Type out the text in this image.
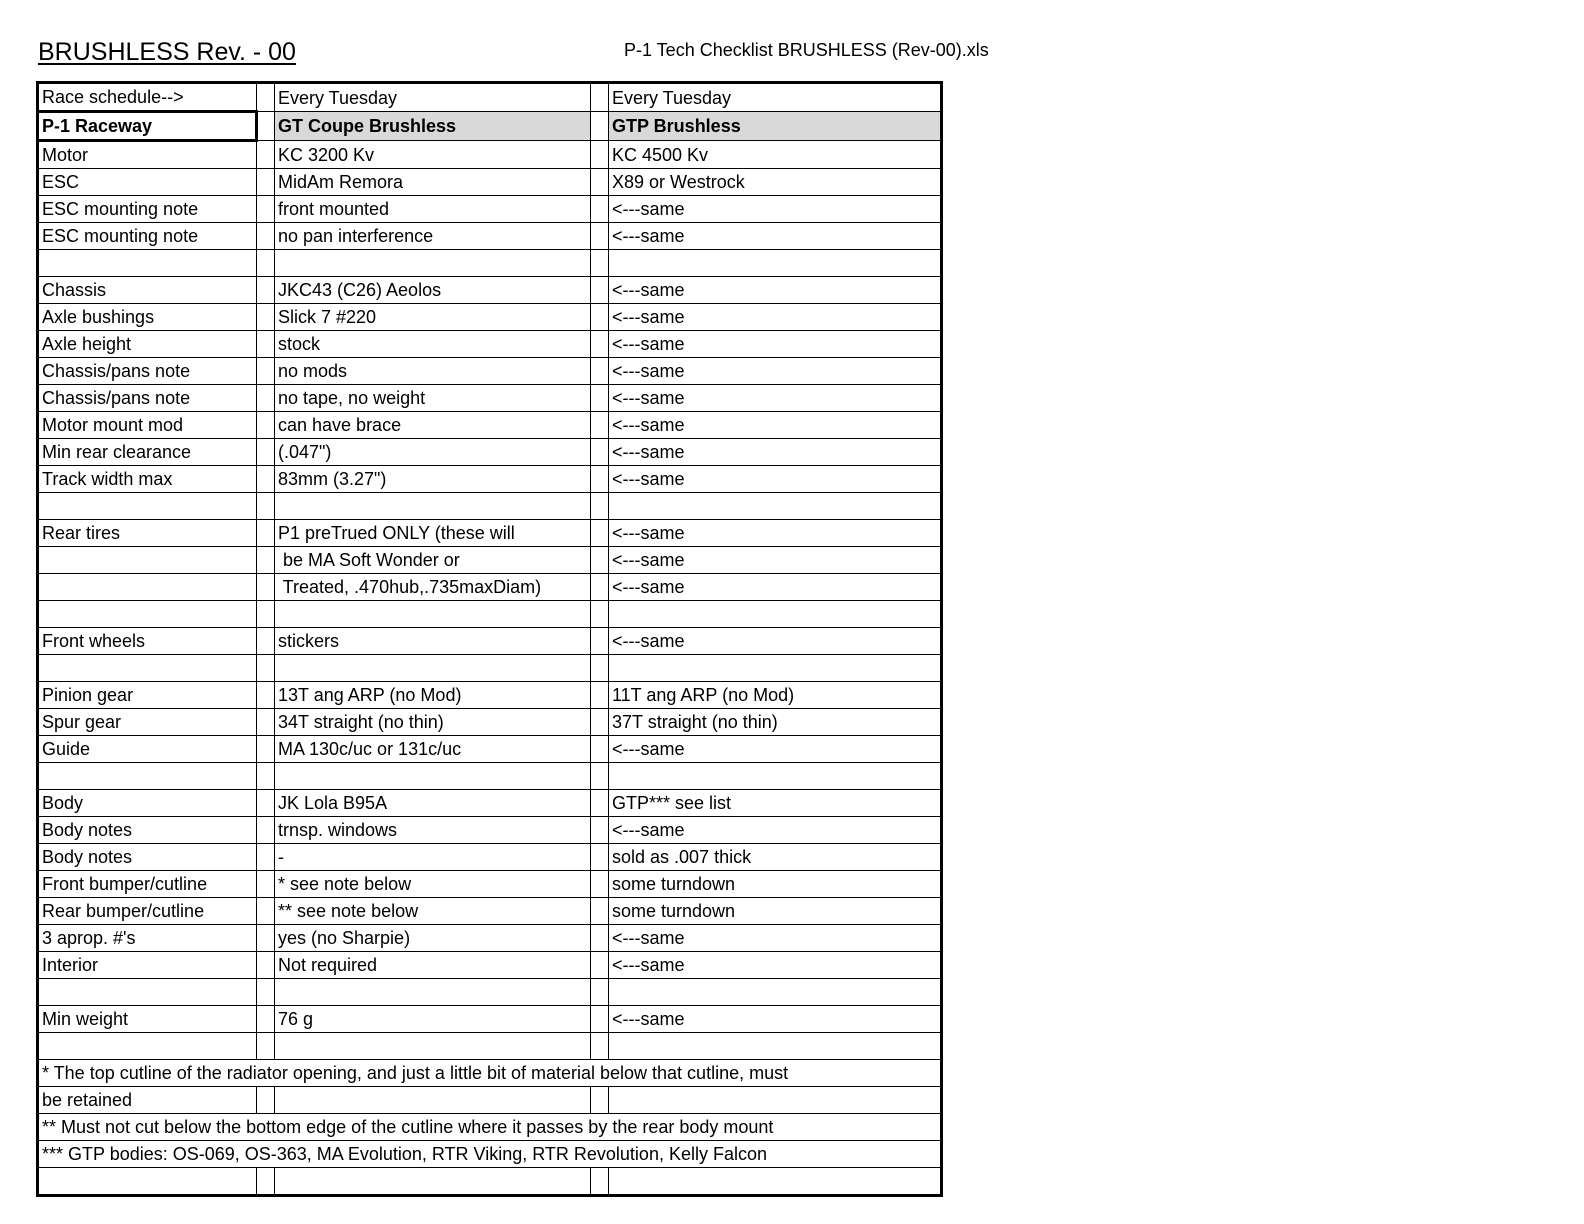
BRUSHLESS Rev. - 00	P-1 Tech Checklist BRUSHLESS (Rev-00).xls
Race schedule-->		Every Tuesday		Every Tuesday
P-1 Raceway		GT Coupe Brushless		GTP Brushless
Motor		KC 3200 Kv		KC 4500 Kv
ESC		MidAm Remora		X89 or Westrock
ESC mounting note		front mounted		<---same
ESC mounting note		no pan interference		<---same

Chassis		JKC43 (C26) Aeolos		<---same
Axle bushings		Slick 7 #220		<---same
Axle height		stock		<---same
Chassis/pans note		no mods		<---same
Chassis/pans note		no tape, no weight		<---same
Motor mount mod		can have brace		<---same
Min rear clearance		(.047")		<---same
Track width max		83mm (3.27")		<---same

Rear tires		P1 preTrued ONLY (these will		<---same
		be MA Soft Wonder or		<---same
		Treated, .470hub,.735maxDiam)		<---same

Front wheels		stickers		<---same

Pinion gear		13T ang ARP (no Mod)		11T ang ARP (no Mod)
Spur gear		34T straight (no thin)		37T straight (no thin)
Guide		MA 130c/uc or 131c/uc		<---same

Body		JK Lola B95A		GTP*** see list
Body notes		trnsp. windows		<---same
Body notes		-		sold as .007 thick
Front bumper/cutline		* see note below		some turndown
Rear bumper/cutline		** see note below		some turndown
3 aprop. #'s		yes (no Sharpie)		<---same
Interior		Not required		<---same

Min weight		76 g		<---same

* The top cutline of the radiator opening, and just a little bit of material below that cutline, must				
be retained				
** Must not cut below the bottom edge of the cutline where it passes by the rear body mount				
*** GTP bodies: OS-069, OS-363, MA Evolution, RTR Viking, RTR Revolution, Kelly Falcon				
